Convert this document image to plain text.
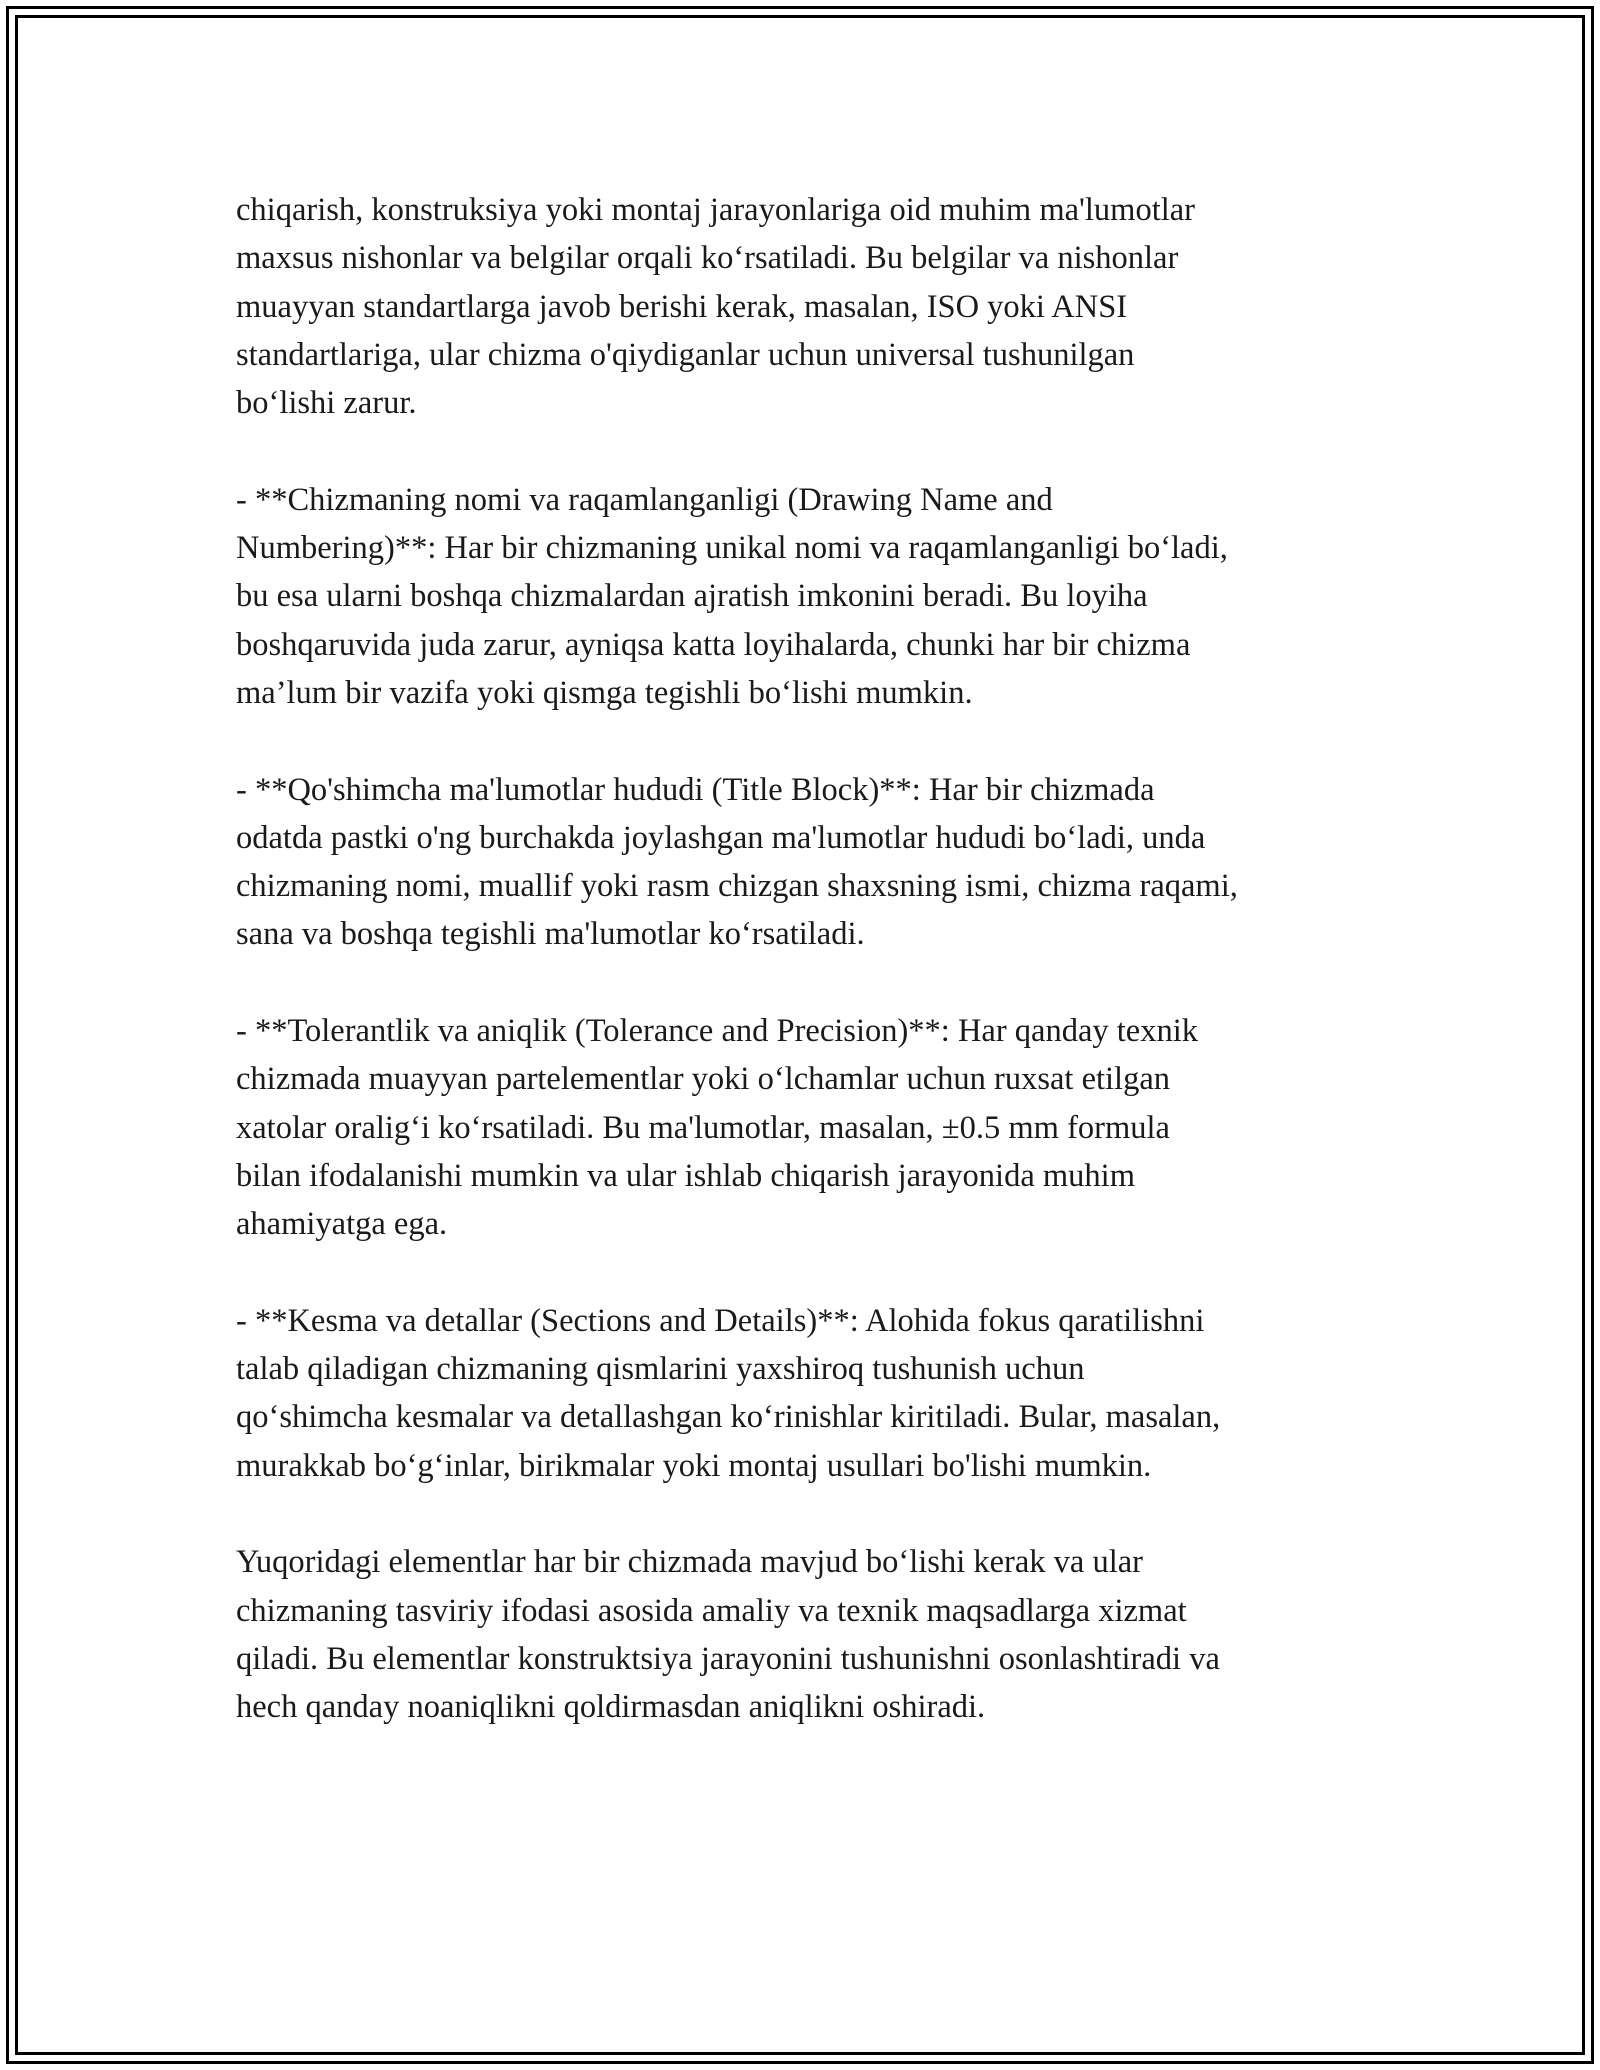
chiqarish, konstruksiya yoki montaj jarayonlariga oid muhim ma'lumotlar
maxsus nishonlar va belgilar orqali ko‘rsatiladi. Bu belgilar va nishonlar
muayyan standartlarga javob berishi kerak, masalan, ISO yoki ANSI
standartlariga, ular chizma o'qiydiganlar uchun universal tushunilgan
bo‘lishi zarur.

- **Chizmaning nomi va raqamlanganligi (Drawing Name and
Numbering)**: Har bir chizmaning unikal nomi va raqamlanganligi bo‘ladi,
bu esa ularni boshqa chizmalardan ajratish imkonini beradi. Bu loyiha
boshqaruvida juda zarur, ayniqsa katta loyihalarda, chunki har bir chizma
ma’lum bir vazifa yoki qismga tegishli bo‘lishi mumkin.

- **Qo'shimcha ma'lumotlar hududi (Title Block)**: Har bir chizmada
odatda pastki o'ng burchakda joylashgan ma'lumotlar hududi bo‘ladi, unda
chizmaning nomi, muallif yoki rasm chizgan shaxsning ismi, chizma raqami,
sana va boshqa tegishli ma'lumotlar ko‘rsatiladi.

- **Tolerantlik va aniqlik (Tolerance and Precision)**: Har qanday texnik
chizmada muayyan partelementlar yoki o‘lchamlar uchun ruxsat etilgan
xatolar oralig‘i ko‘rsatiladi. Bu ma'lumotlar, masalan, ±0.5 mm formula
bilan ifodalanishi mumkin va ular ishlab chiqarish jarayonida muhim
ahamiyatga ega.

- **Kesma va detallar (Sections and Details)**: Alohida fokus qaratilishni
talab qiladigan chizmaning qismlarini yaxshiroq tushunish uchun
qo‘shimcha kesmalar va detallashgan ko‘rinishlar kiritiladi. Bular, masalan,
murakkab bo‘g‘inlar, birikmalar yoki montaj usullari bo'lishi mumkin.

Yuqoridagi elementlar har bir chizmada mavjud bo‘lishi kerak va ular
chizmaning tasviriy ifodasi asosida amaliy va texnik maqsadlarga xizmat
qiladi. Bu elementlar konstruktsiya jarayonini tushunishni osonlashtiradi va
hech qanday noaniqlikni qoldirmasdan aniqlikni oshiradi.
